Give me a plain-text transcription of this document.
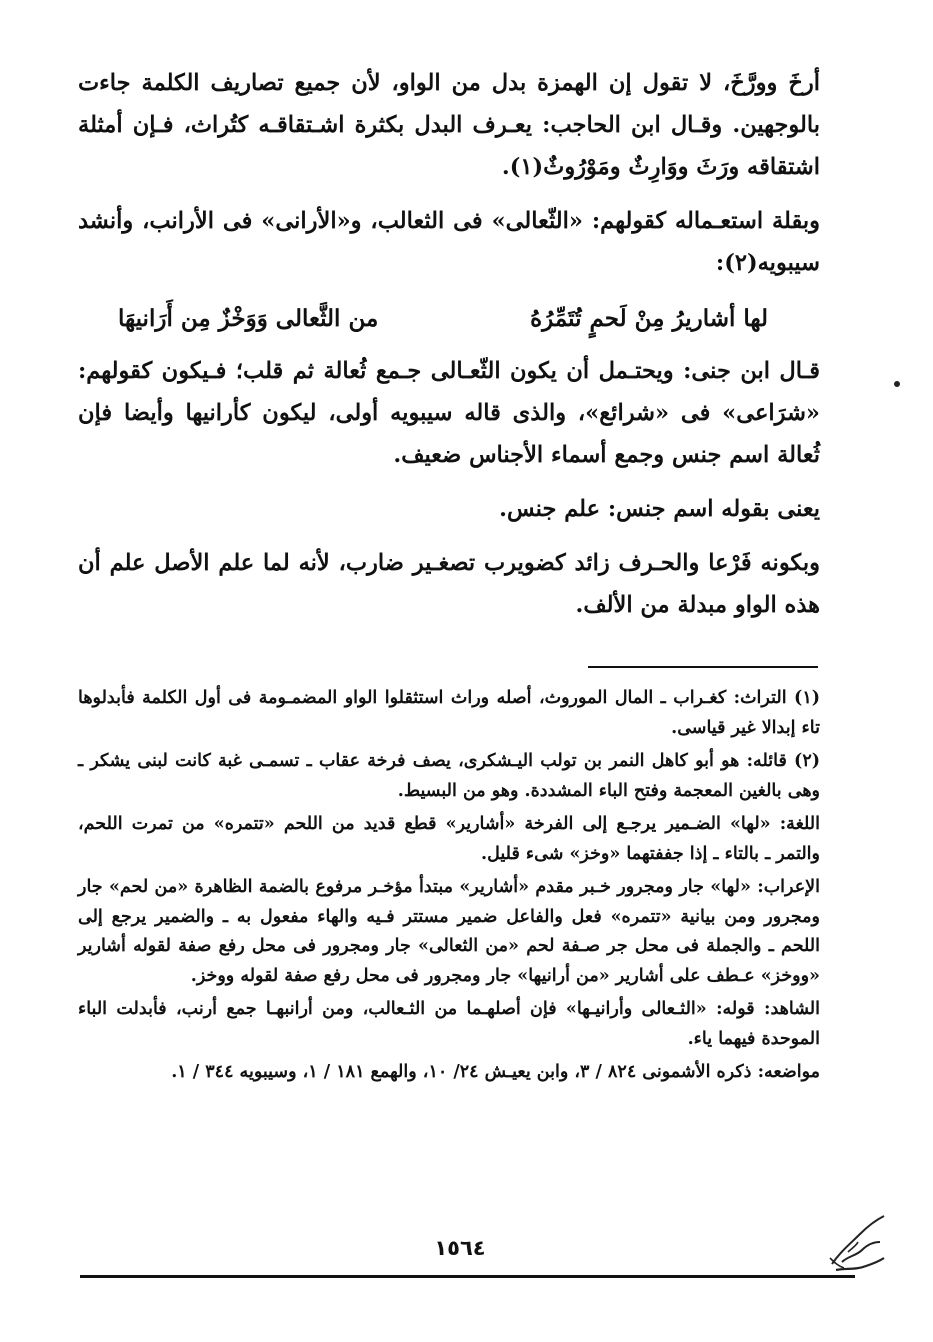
أرخَ وورَّخَ، لا تقول إن الهمزة بدل من الواو، لأن جميع تصاريف الكلمة جاءت بالوجهين. وقـال ابن الحاجب: يعـرف البدل بكثرة اشـتقاقـه كتُراث، فـإن أمثلة اشتقاقه ورَثَ ووَارِثٌ ومَوْرُوثٌ(١).

وبقلة استعـماله كقولهم: «الثّعالى» فى الثعالب، و«الأرانى» فى الأرانب، وأنشد سيبويه(٢):

لها أشاريرُ مِنْ لَحمٍ تُتَمِّرُهُ
من الثَّعالى وَوَخْزٌ مِن أَرَانيهَا

قـال ابن جنى: ويحتـمل أن يكون الثّعـالى جـمع ثُعالة ثم قلب؛ فـيكون كقولهم: «شرَاعى» فى «شرائع»، والذى قاله سيبويه أولى، ليكون كأرانيها وأيضا فإن ثُعالة اسم جنس وجمع أسماء الأجناس ضعيف.

يعنى بقوله اسم جنس: علم جنس.

وبكونه فَرْعا والحـرف زائد كضويرب تصغـير ضارب، لأنه لما علم الأصل علم أن هذه الواو مبدلة من الألف.

(١) التراث: كغـراب ـ المال الموروث، أصله وراث استثقلوا الواو المضمـومة فى أول الكلمة فأبدلوها تاء إبدالا غير قياسى.

(٢) قائله: هو أبو كاهل النمر بن تولب اليـشكرى، يصف فرخة عقاب ـ تسمـى غبة كانت لبنى يشكر ـ وهى بالغين المعجمة وفتح الباء المشددة. وهو من البسيط.

اللغة: «لها» الضـمير يرجـع إلى الفرخة «أشارير» قطع قديد من اللحم «تتمره» من تمرت اللحم، والتمر ـ بالتاء ـ إذا جففتهما «وخز» شىء قليل.

الإعراب: «لها» جار ومجرور خـبر مقدم «أشارير» مبتدأ مؤخـر مرفوع بالضمة الظاهرة «من لحم» جار ومجرور ومن بيانية «تتمره» فعل والفاعل ضمير مستتر فـيه والهاء مفعول به ـ والضمير يرجع إلى اللحم ـ والجملة فى محل جر صـفة لحم «من الثعالى» جار ومجرور فى محل رفع صفة لقوله أشارير «ووخز» عـطف على أشارير «من أرانيها» جار ومجرور فى محل رفع صفة لقوله ووخز.

الشاهد: قوله: «الثـعالى وأرانيـها» فإن أصلهـما من الثـعالب، ومن أرانبهـا جمع أرنب، فأبدلت الباء الموحدة فيهما ياء.

مواضعه: ذكره الأشمونى ٨٢٤ / ٣، وابن يعيـش ٢٤/ ١٠، والهمع ١٨١ / ١، وسيبويه ٣٤٤ / ١.

١٥٦٤
